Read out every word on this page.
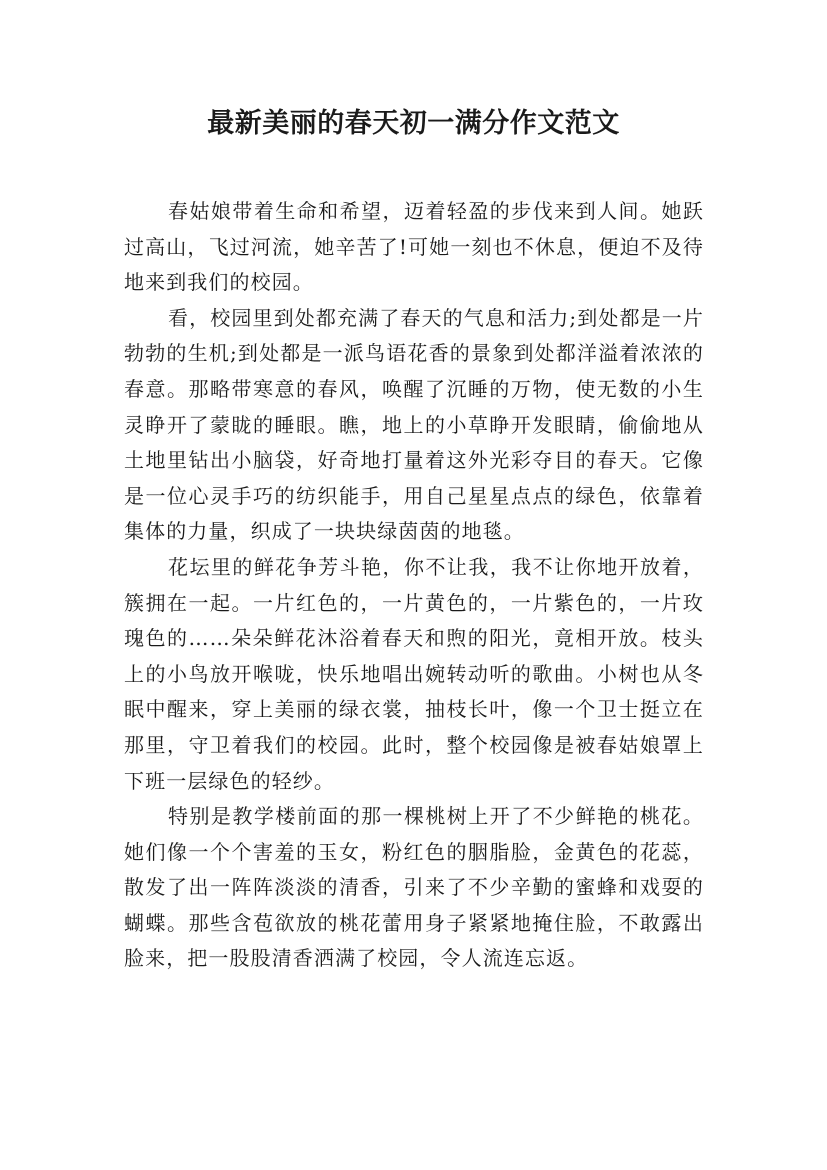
最新美丽的春天初一满分作文范文

春姑娘带着生命和希望，迈着轻盈的步伐来到人间。她跃过高山，飞过河流，她辛苦了!可她一刻也不休息，便迫不及待地来到我们的校园。

看，校园里到处都充满了春天的气息和活力;到处都是一片勃勃的生机;到处都是一派鸟语花香的景象到处都洋溢着浓浓的春意。那略带寒意的春风，唤醒了沉睡的万物，使无数的小生灵睁开了蒙眬的睡眼。瞧，地上的小草睁开发眼睛，偷偷地从土地里钻出小脑袋，好奇地打量着这外光彩夺目的春天。它像是一位心灵手巧的纺织能手，用自己星星点点的绿色，依靠着集体的力量，织成了一块块绿茵茵的地毯。

花坛里的鲜花争芳斗艳，你不让我，我不让你地开放着，簇拥在一起。一片红色的，一片黄色的，一片紫色的，一片玫瑰色的……朵朵鲜花沐浴着春天和煦的阳光，竟相开放。枝头上的小鸟放开喉咙，快乐地唱出婉转动听的歌曲。小树也从冬眠中醒来，穿上美丽的绿衣裳，抽枝长叶，像一个卫士挺立在那里，守卫着我们的校园。此时，整个校园像是被春姑娘罩上下班一层绿色的轻纱。

特别是教学楼前面的那一棵桃树上开了不少鲜艳的桃花。她们像一个个害羞的玉女，粉红色的胭脂脸，金黄色的花蕊，散发了出一阵阵淡淡的清香，引来了不少辛勤的蜜蜂和戏耍的蝴蝶。那些含苞欲放的桃花蕾用身子紧紧地掩住脸，不敢露出脸来，把一股股清香洒满了校园，令人流连忘返。
